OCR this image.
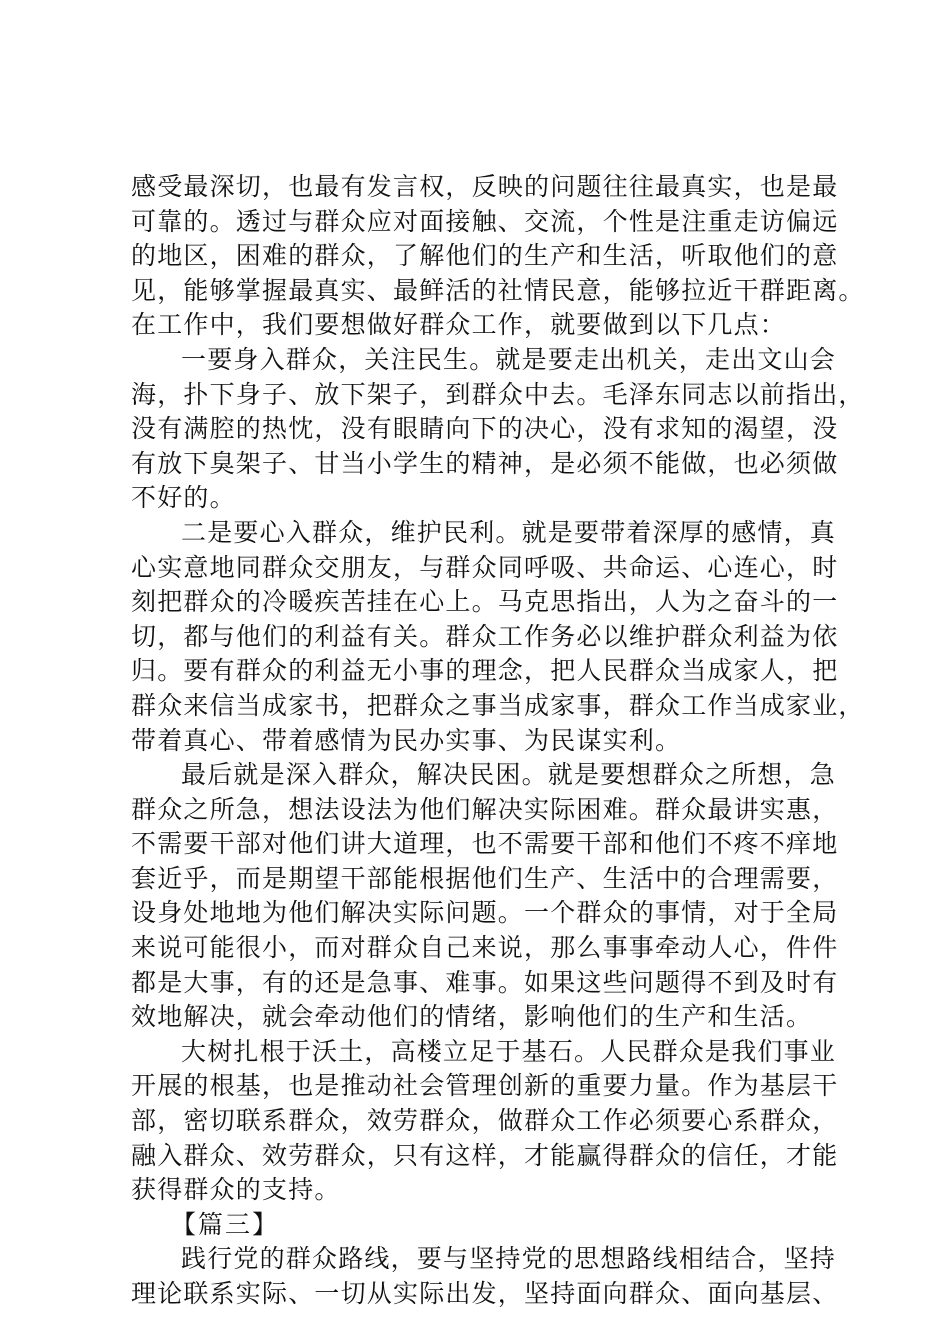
感受最深切，也最有发言权，反映的问题往往最真实，也是最
可靠的。透过与群众应对面接触、交流，个性是注重走访偏远
的地区，困难的群众，了解他们的生产和生活，听取他们的意
见，能够掌握最真实、最鲜活的社情民意，能够拉近干群距离。
在工作中，我们要想做好群众工作，就要做到以下几点：
一要身入群众，关注民生。就是要走出机关，走出文山会
海，扑下身子、放下架子，到群众中去。毛泽东同志以前指出，
没有满腔的热忱，没有眼睛向下的决心，没有求知的渴望，没
有放下臭架子、甘当小学生的精神，是必须不能做，也必须做
不好的。
二是要心入群众，维护民利。就是要带着深厚的感情，真
心实意地同群众交朋友，与群众同呼吸、共命运、心连心，时
刻把群众的冷暖疾苦挂在心上。马克思指出，人为之奋斗的一
切，都与他们的利益有关。群众工作务必以维护群众利益为依
归。要有群众的利益无小事的理念，把人民群众当成家人，把
群众来信当成家书，把群众之事当成家事，群众工作当成家业，
带着真心、带着感情为民办实事、为民谋实利。
最后就是深入群众，解决民困。就是要想群众之所想，急
群众之所急，想法设法为他们解决实际困难。群众最讲实惠，
不需要干部对他们讲大道理，也不需要干部和他们不疼不痒地
套近乎，而是期望干部能根据他们生产、生活中的合理需要，
设身处地地为他们解决实际问题。一个群众的事情，对于全局
来说可能很小，而对群众自己来说，那么事事牵动人心，件件
都是大事，有的还是急事、难事。如果这些问题得不到及时有
效地解决，就会牵动他们的情绪，影响他们的生产和生活。
大树扎根于沃土，高楼立足于基石。人民群众是我们事业
开展的根基，也是推动社会管理创新的重要力量。作为基层干
部，密切联系群众，效劳群众，做群众工作必须要心系群众，
融入群众、效劳群众，只有这样，才能赢得群众的信任，才能
获得群众的支持。
【篇三】
践行党的群众路线，要与坚持党的思想路线相结合，坚持
理论联系实际、一切从实际出发，坚持面向群众、面向基层、
